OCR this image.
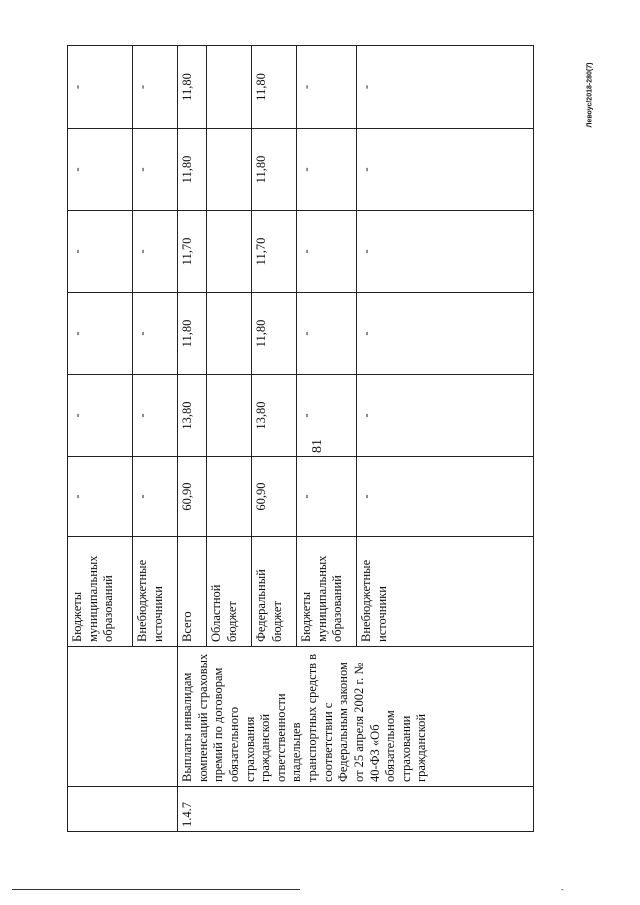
81
Левоус/2018-280(7)
		Бюджеты муниципальных образований	-	-	-	-	-	-
		Внебюджетные источники	-	-	-	-	-	-
1.4.7	Выплаты инвалидам компенсаций страховых премий по договорам обязательного страхования гражданской ответственности владельцев транспортных средств в соответствии с Федеральным законом от 25 апреля 2002 г. № 40-ФЗ «Об обязательном страховании гражданской	Всего	60,90	13,80	11,80	11,70	11,80	11,80
		Областной бюджет						
		Федеральный бюджет	60,90	13,80	11,80	11,70	11,80	11,80
		Бюджеты муниципальных образований	-	-	-	-	-	-
		Внебюджетные источники	-	-	-	-	-	-
-
